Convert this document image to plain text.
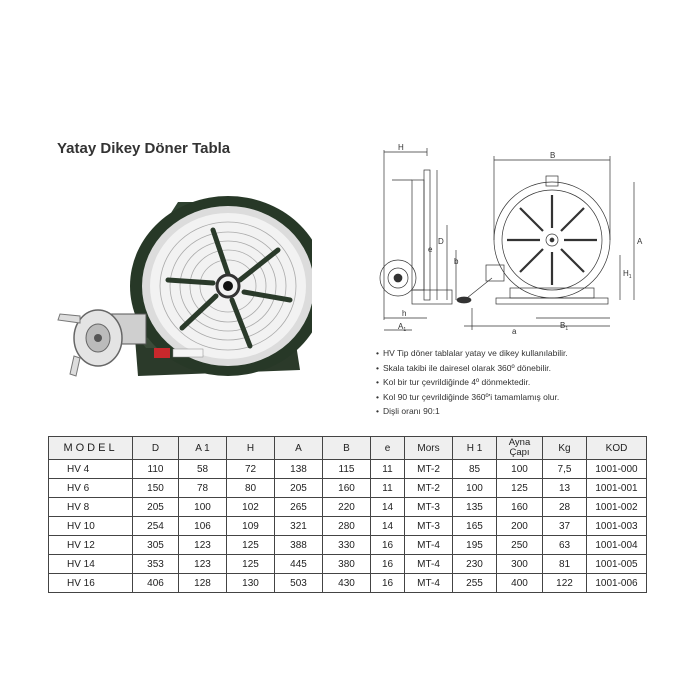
Yatay Dikey Döner Tabla	H
D
e
b
h
$A_1$
B
A
$H_1$
a
$B_1$
• HV Tip döner tablalar yatay ve dikey kullanılabilir.
• Skala takibi ile dairesel olarak 360º dönebilir.
• Kol bir tur çevrildiğinde 4º dönmektedir.
• Kol 90 tur çevrildiğinde 360º'i tamamlamış olur.
• Dişli oranı 90:1
MODEL	D	A 1	H	A	B	e	Mors	H 1	Ayna
Çapı	Kg	KOD
HV 4	110	58	72	138	115	11	MT-2	85	100	7,5	1001-000
HV 6	150	78	80	205	160	11	MT-2	100	125	13	1001-001
HV 8	205	100	102	265	220	14	MT-3	135	160	28	1001-002
HV 10	254	106	109	321	280	14	MT-3	165	200	37	1001-003
HV 12	305	123	125	388	330	16	MT-4	195	250	63	1001-004
HV 14	353	123	125	445	380	16	MT-4	230	300	81	1001-005
HV 16	406	128	130	503	430	16	MT-4	255	400	122	1001-006
